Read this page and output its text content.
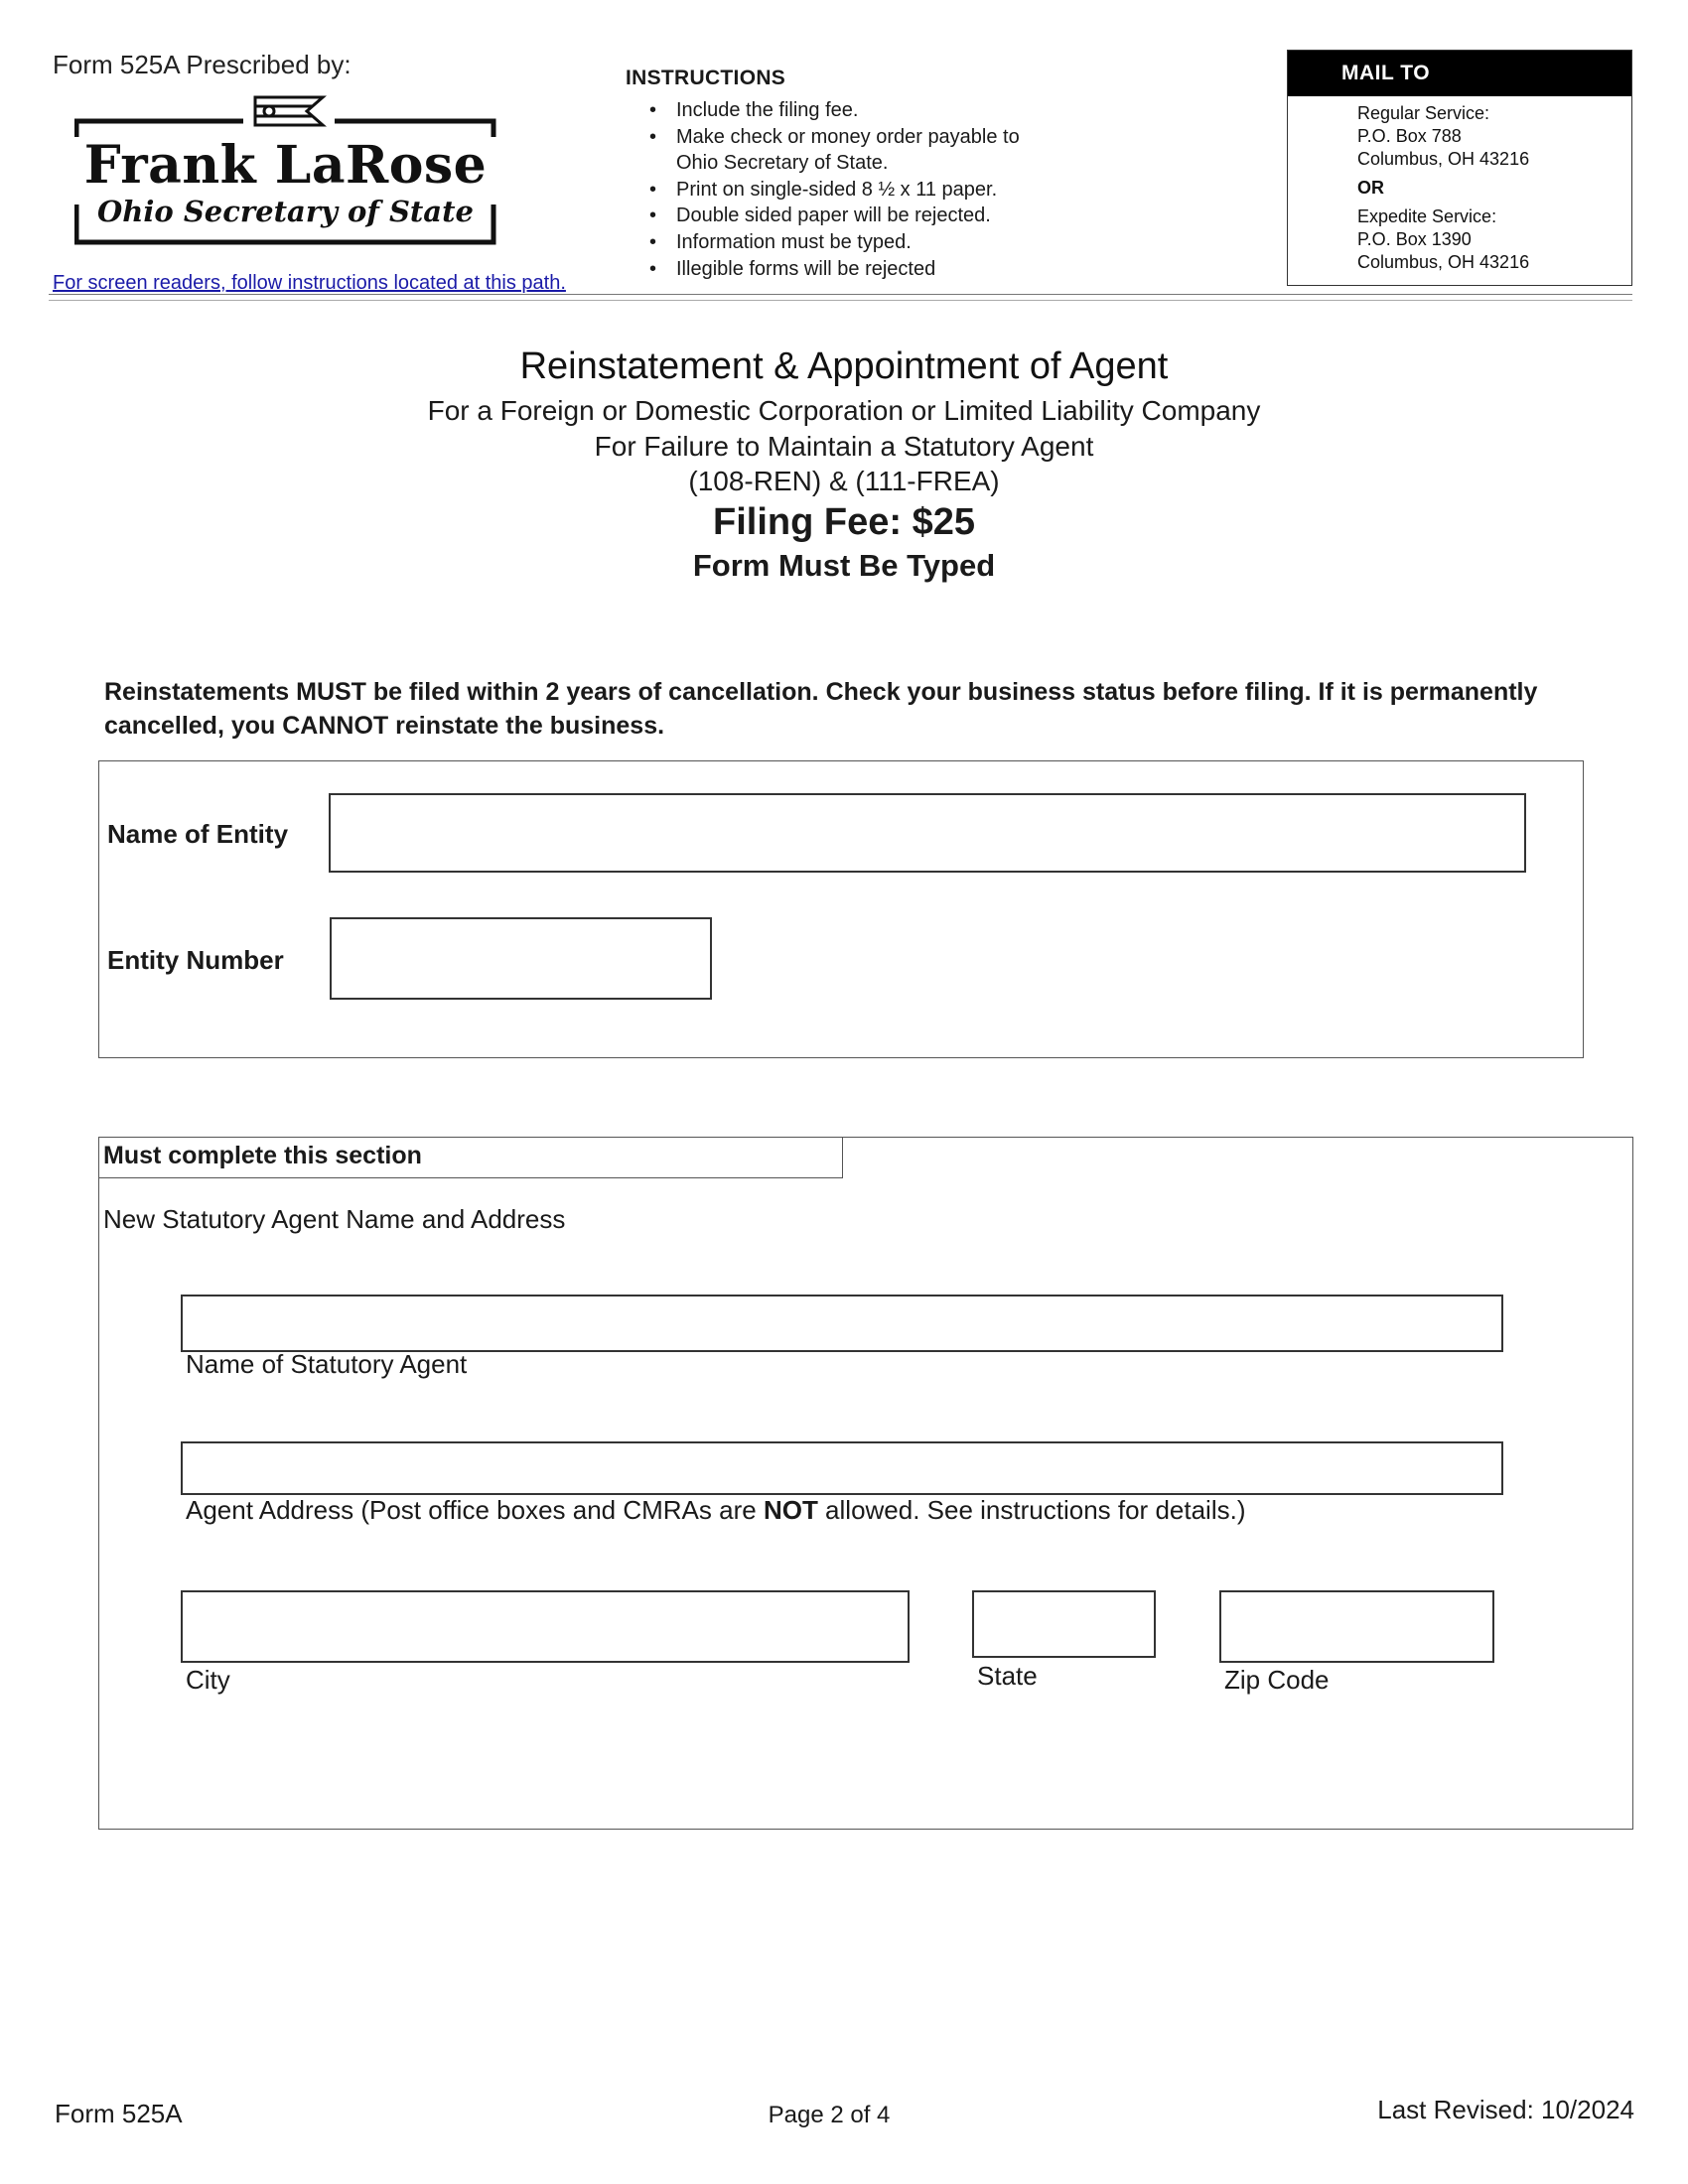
Form 525A Prescribed by:
Frank LaRose
Ohio Secretary of State
For screen readers, follow instructions located at this path.
INSTRUCTIONS
• Include the filing fee.
• Make check or money order payable to
Ohio Secretary of State.
• Print on single-sided 8 ½ x 11 paper.
• Double sided paper will be rejected.
• Information must be typed.
• Illegible forms will be rejected
MAIL TO
Regular Service:
P.O. Box 788
Columbus, OH 43216
OR
Expedite Service:
P.O. Box 1390
Columbus, OH 43216
Reinstatement & Appointment of Agent
For a Foreign or Domestic Corporation or Limited Liability Company
For Failure to Maintain a Statutory Agent
(108-REN) & (111-FREA)
Filing Fee: $25
Form Must Be Typed
Reinstatements MUST be filed within 2 years of cancellation. Check your business status before filing. If it is permanently cancelled, you CANNOT reinstate the business.
Name of Entity
Entity Number
Name of Statutory Agent
Agent Address (Post office boxes and CMRAs are NOT allowed. See instructions for details.)
City	State	Zip Code
Must complete this section
New Statutory Agent Name and Address
Form 525A	Page 2 of 4	Last Revised: 10/2024
